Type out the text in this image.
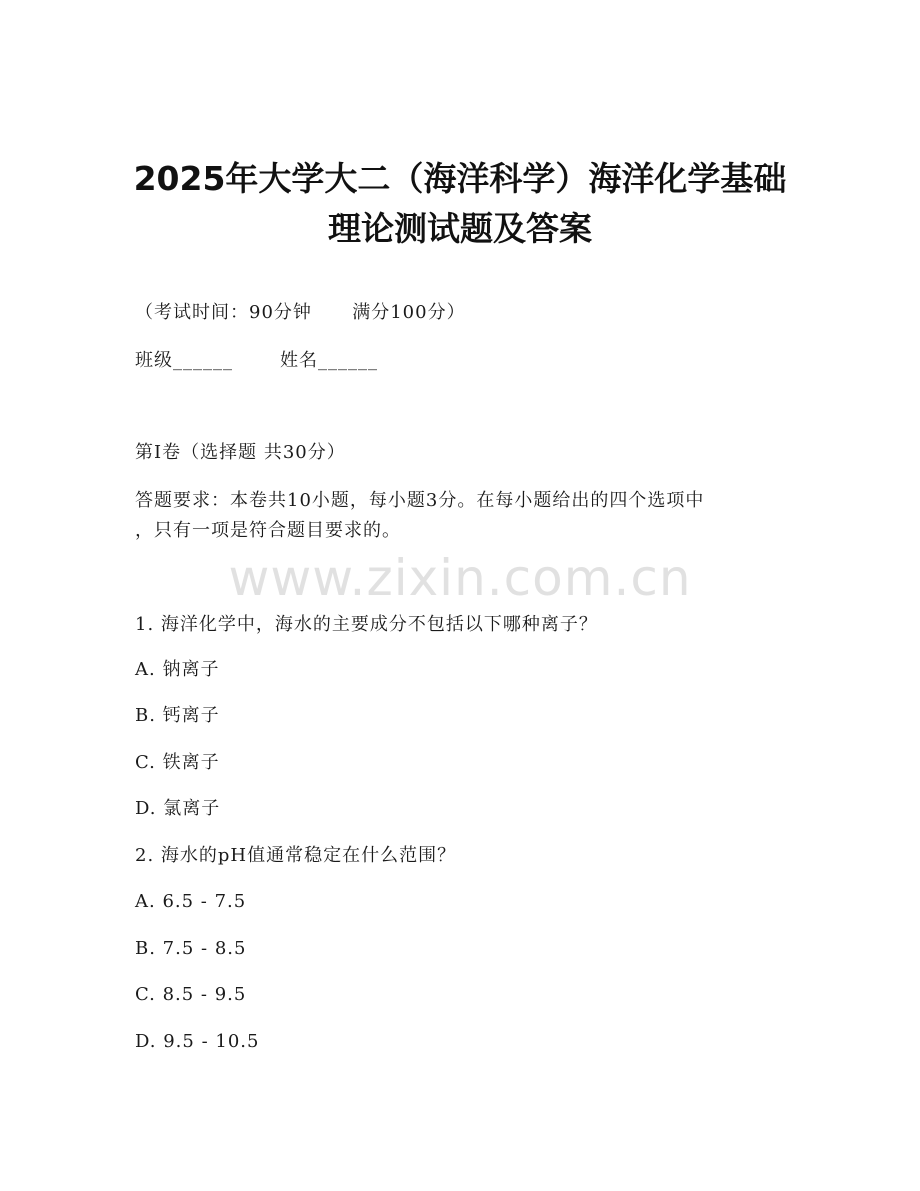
2025年大学大二（海洋科学）海洋化学基础
理论测试题及答案
（考试时间：90分钟      满分100分）
班级______       姓名______
第I卷（选择题 共30分）
答题要求：本卷共10小题，每小题3分。在每小题给出的四个选项中
，只有一项是符合题目要求的。
www.zixin.com.cn
1. 海洋化学中，海水的主要成分不包括以下哪种离子？
A. 钠离子
B. 钙离子
C. 铁离子
D. 氯离子
2. 海水的pH值通常稳定在什么范围？
A. 6.5 - 7.5
B. 7.5 - 8.5
C. 8.5 - 9.5
D. 9.5 - 10.5
